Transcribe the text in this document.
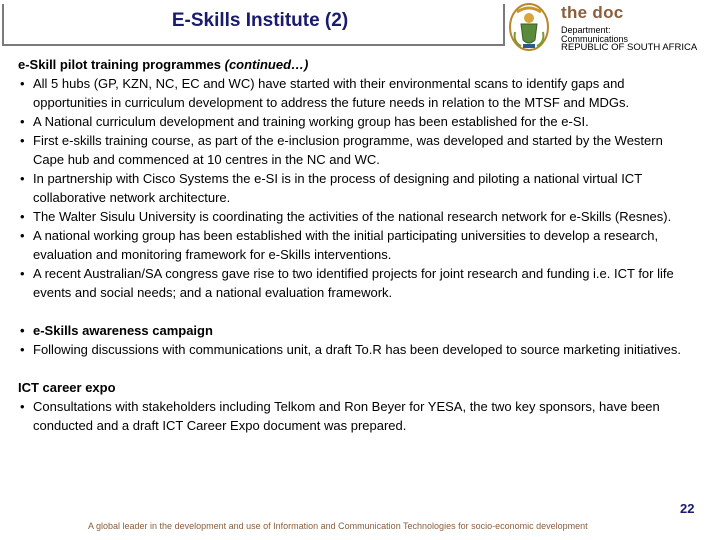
E-Skills Institute (2)	the doc
Department:
Communications
REPUBLIC OF SOUTH AFRICA

e-Skill pilot training programmes (continued…)

• All 5 hubs (GP, KZN, NC, EC and WC) have started with their environmental scans to identify gaps and opportunities in curriculum development to address the future needs in relation to the MTSF and MDGs.
• A National curriculum development and training working group has been established for the e-SI.
• First e-skills training course, as part of the e-inclusion programme, was developed and started by the Western Cape hub and commenced at 10 centres in the NC and WC.
• In partnership with Cisco Systems the e-SI is in the process of designing and piloting a national virtual ICT collaborative network architecture.
• The Walter Sisulu University is coordinating the activities of the national research network for e-Skills (Resnes).
• A national working group has been established with the initial participating universities to develop a research, evaluation and monitoring framework for e-Skills interventions.
• A recent Australian/SA congress gave rise to two identified projects for joint research and funding i.e. ICT for life events and social needs; and a national evaluation framework.
• e-Skills awareness campaign
• Following discussions with communications unit, a draft To.R has been developed to source marketing initiatives.

ICT career expo

• Consultations with stakeholders including Telkom and Ron Beyer for YESA, the two key sponsors, have been conducted and a draft ICT Career Expo document was prepared.
22
A global leader in the development and use of Information and Communication Technologies for socio-economic development
